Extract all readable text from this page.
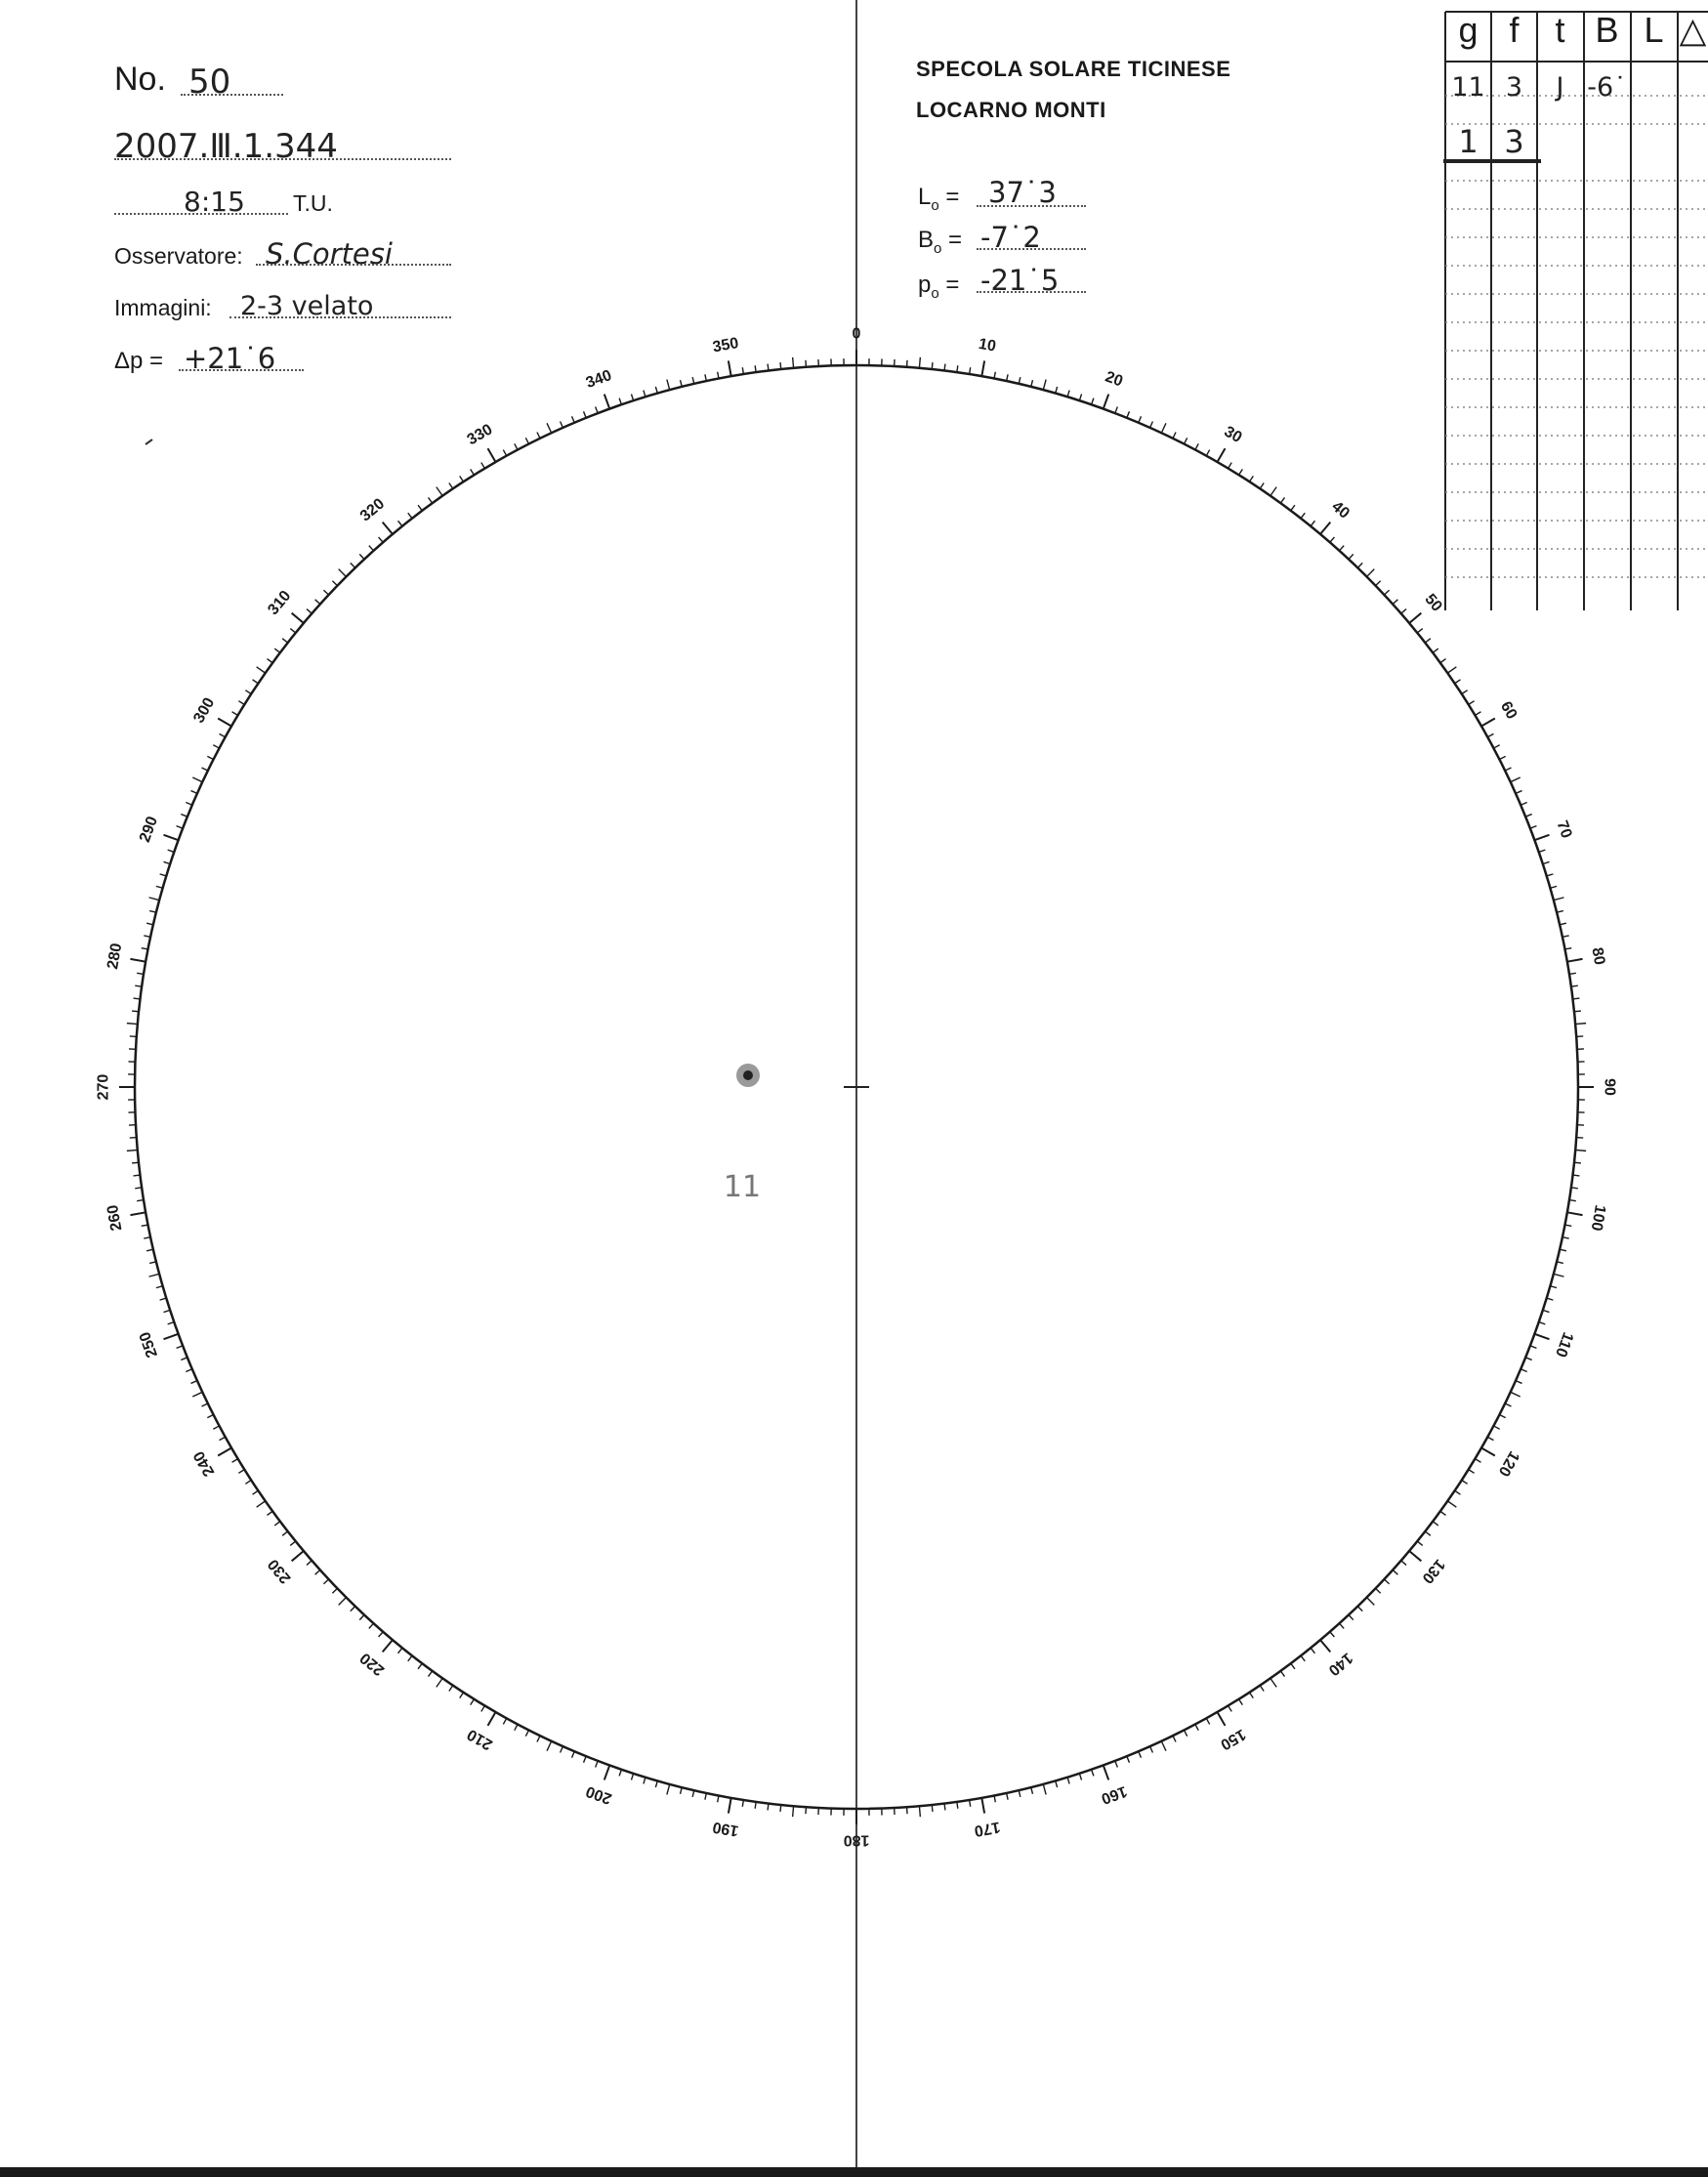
11
0
10
20
30
40
50
60
70
80
90
100
110
120
130
140
150
160
170
180
190
200
210
220
230
240
250
260
270
280
290
300
310
320
330
340
350
No. 50
2007.Ⅲ.1.344
8:15 T.U.
Osservatore: S.Cortesi
Immagini: 2-3 velato
Δp = +21˙6
SPECOLA SOLARE TICINESE
LOCARNO MONTI
$L_o$ = 37˙3
$B_o$ = -7˙2
$p_o$ = -21˙5
g f	t B L △
11 3	J -6˙
1 3
